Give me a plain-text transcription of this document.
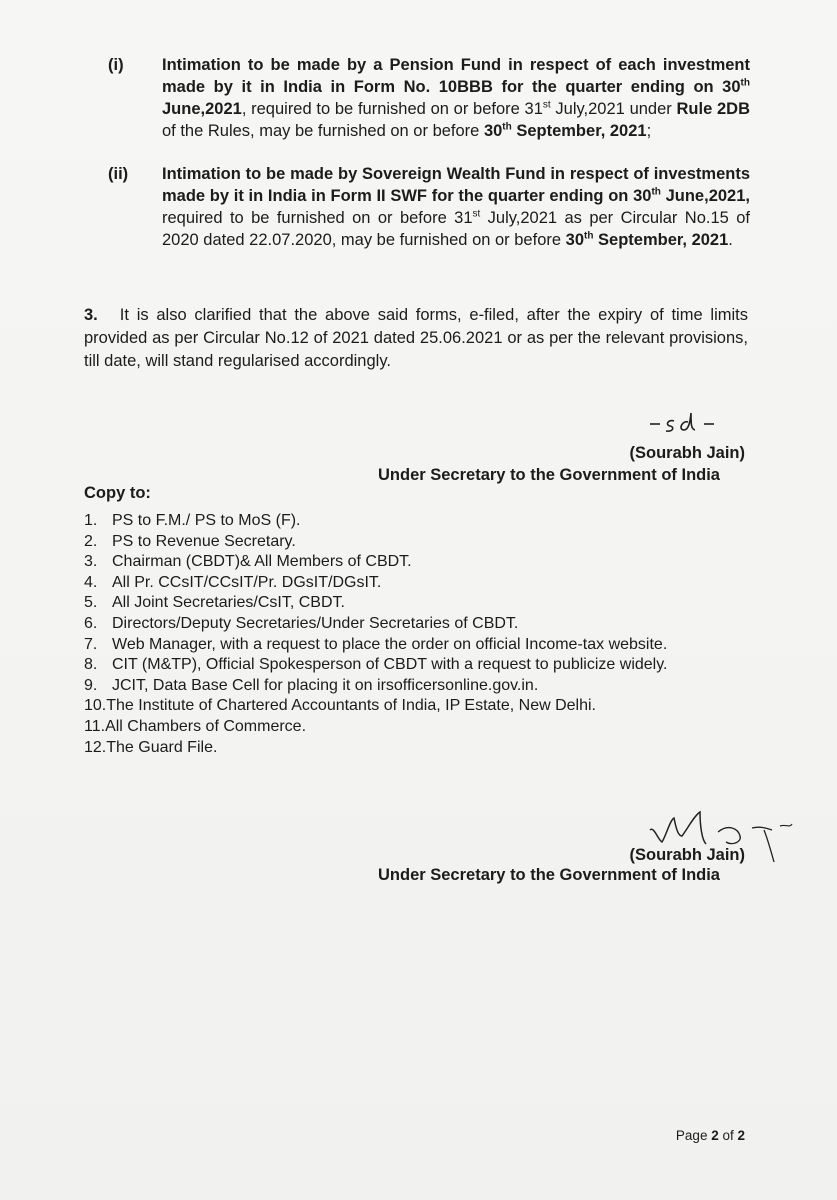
(i) Intimation to be made by a Pension Fund in respect of each investment made by it in India in Form No. 10BBB for the quarter ending on 30th June,2021, required to be furnished on or before 31st July,2021 under Rule 2DB of the Rules, may be furnished on or before 30th September, 2021;
(ii) Intimation to be made by Sovereign Wealth Fund in respect of investments made by it in India in Form II SWF for the quarter ending on 30th June,2021, required to be furnished on or before 31st July,2021 as per Circular No.15 of 2020 dated 22.07.2020, may be furnished on or before 30th September, 2021.
3. It is also clarified that the above said forms, e-filed, after the expiry of time limits provided as per Circular No.12 of 2021 dated 25.06.2021 or as per the relevant provisions, till date, will stand regularised accordingly.
(Sourabh Jain)
Under Secretary to the Government of India
Copy to:
1. PS to F.M./ PS to MoS (F).
2. PS to Revenue Secretary.
3. Chairman (CBDT)& All Members of CBDT.
4. All Pr. CCsIT/CCsIT/Pr. DGsIT/DGsIT.
5. All Joint Secretaries/CsIT, CBDT.
6. Directors/Deputy Secretaries/Under Secretaries of CBDT.
7. Web Manager, with a request to place the order on official Income-tax website.
8. CIT (M&TP), Official Spokesperson of CBDT with a request to publicize widely.
9. JCIT, Data Base Cell for placing it on irsofficersonline.gov.in.
10. The Institute of Chartered Accountants of India, IP Estate, New Delhi.
11. All Chambers of Commerce.
12. The Guard File.
(Sourabh Jain)
Under Secretary to the Government of India
Page 2 of 2
